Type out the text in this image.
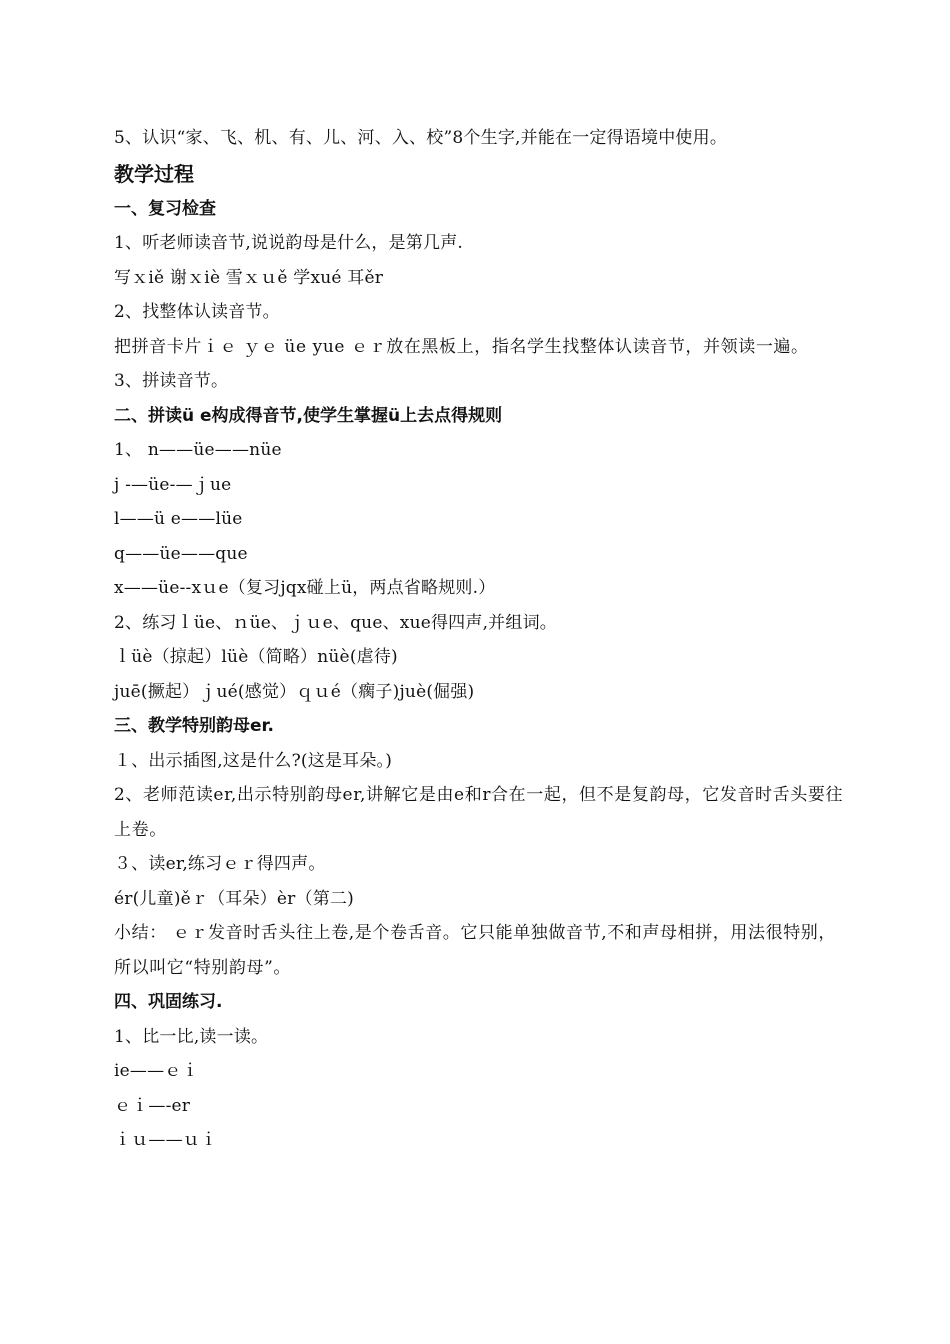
5、认识“家、飞、机、有、儿、河、入、校”8个生字,并能在一定得语境中使用。
教学过程
一、复习检查
1、听老师读音节,说说韵母是什么，是第几声.
写ｘiě 谢ｘiè 雪ｘｕě 学xué 耳ěr
2、找整体认读音节。
把拼音卡片ｉｅ ｙｅ üe yue ｅｒ放在黑板上，指名学生找整体认读音节，并领读一遍。
3、拼读音节。
二、拼读ü e构成得音节,使学生掌握ü上去点得规则
1、 n——üe——nüe
j -—üe-—ｊue
l——ü e——lüe
q——üe——que
x——üe--xｕe（复习jqx碰上ü，两点省略规则.）
2、练习ｌüe、ｎüe、ｊｕe、que、xue得四声,并组词。
ｌüè（掠起）lüè（简略）nüè(虐待)
juē(撅起）ｊué(感觉）ｑｕé（瘸子)juè(倔强)
三、教学特别韵母er.
１、出示插图,这是什么?(这是耳朵。)
2、老师范读er,出示特别韵母er,讲解它是由e和r合在一起，但不是复韵母，它发音时舌头要往上卷。
３、读er,练习ｅｒ得四声。
ér(儿童)ěｒ（耳朵）èr（第二)
小结： ｅｒ发音时舌头往上卷,是个卷舌音。它只能单独做音节,不和声母相拼，用法很特别，所以叫它“特别韵母”。
四、巩固练习.
1、比一比,读一读。
ie——ｅｉ
ｅｉ—-er
ｉｕ——ｕｉ
